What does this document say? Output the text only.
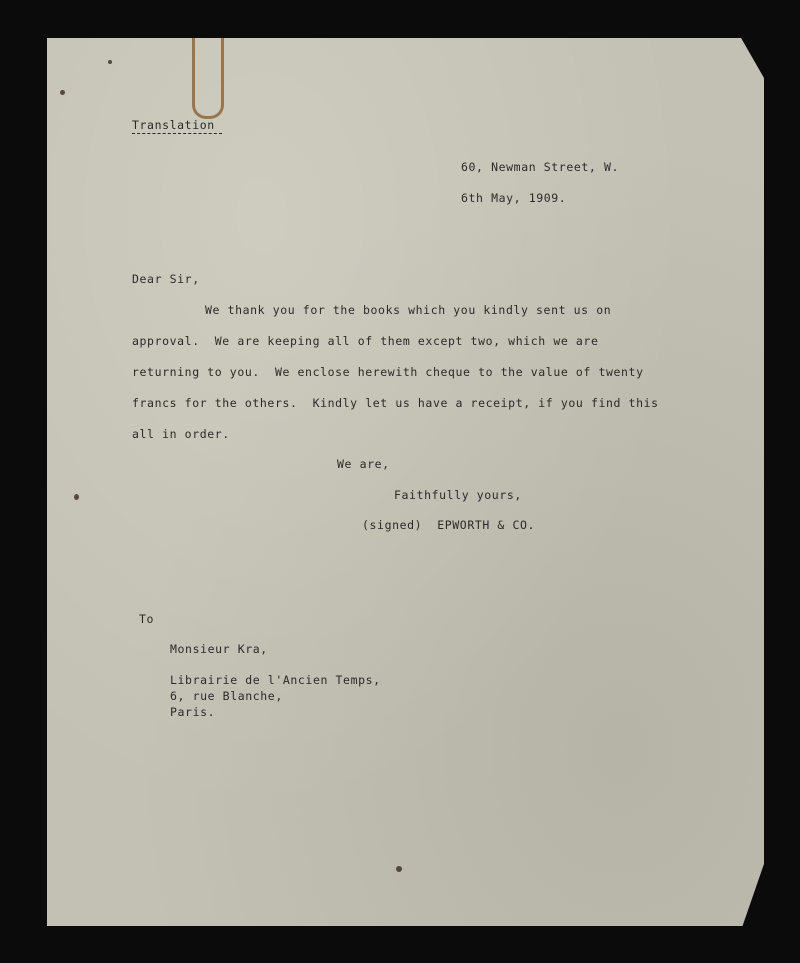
Translation

60, Newman Street, W.

6th May, 1909.

Dear Sir,

We thank you for the books which you kindly sent us on

approval.  We are keeping all of them except two, which we are

returning to you.  We enclose herewith cheque to the value of twenty

francs for the others.  Kindly let us have a receipt, if you find this

all in order.

We are,

Faithfully yours,

(signed)  EPWORTH & CO.

To

Monsieur Kra,

Librairie de l'Ancien Temps,

6, rue Blanche,

Paris.
